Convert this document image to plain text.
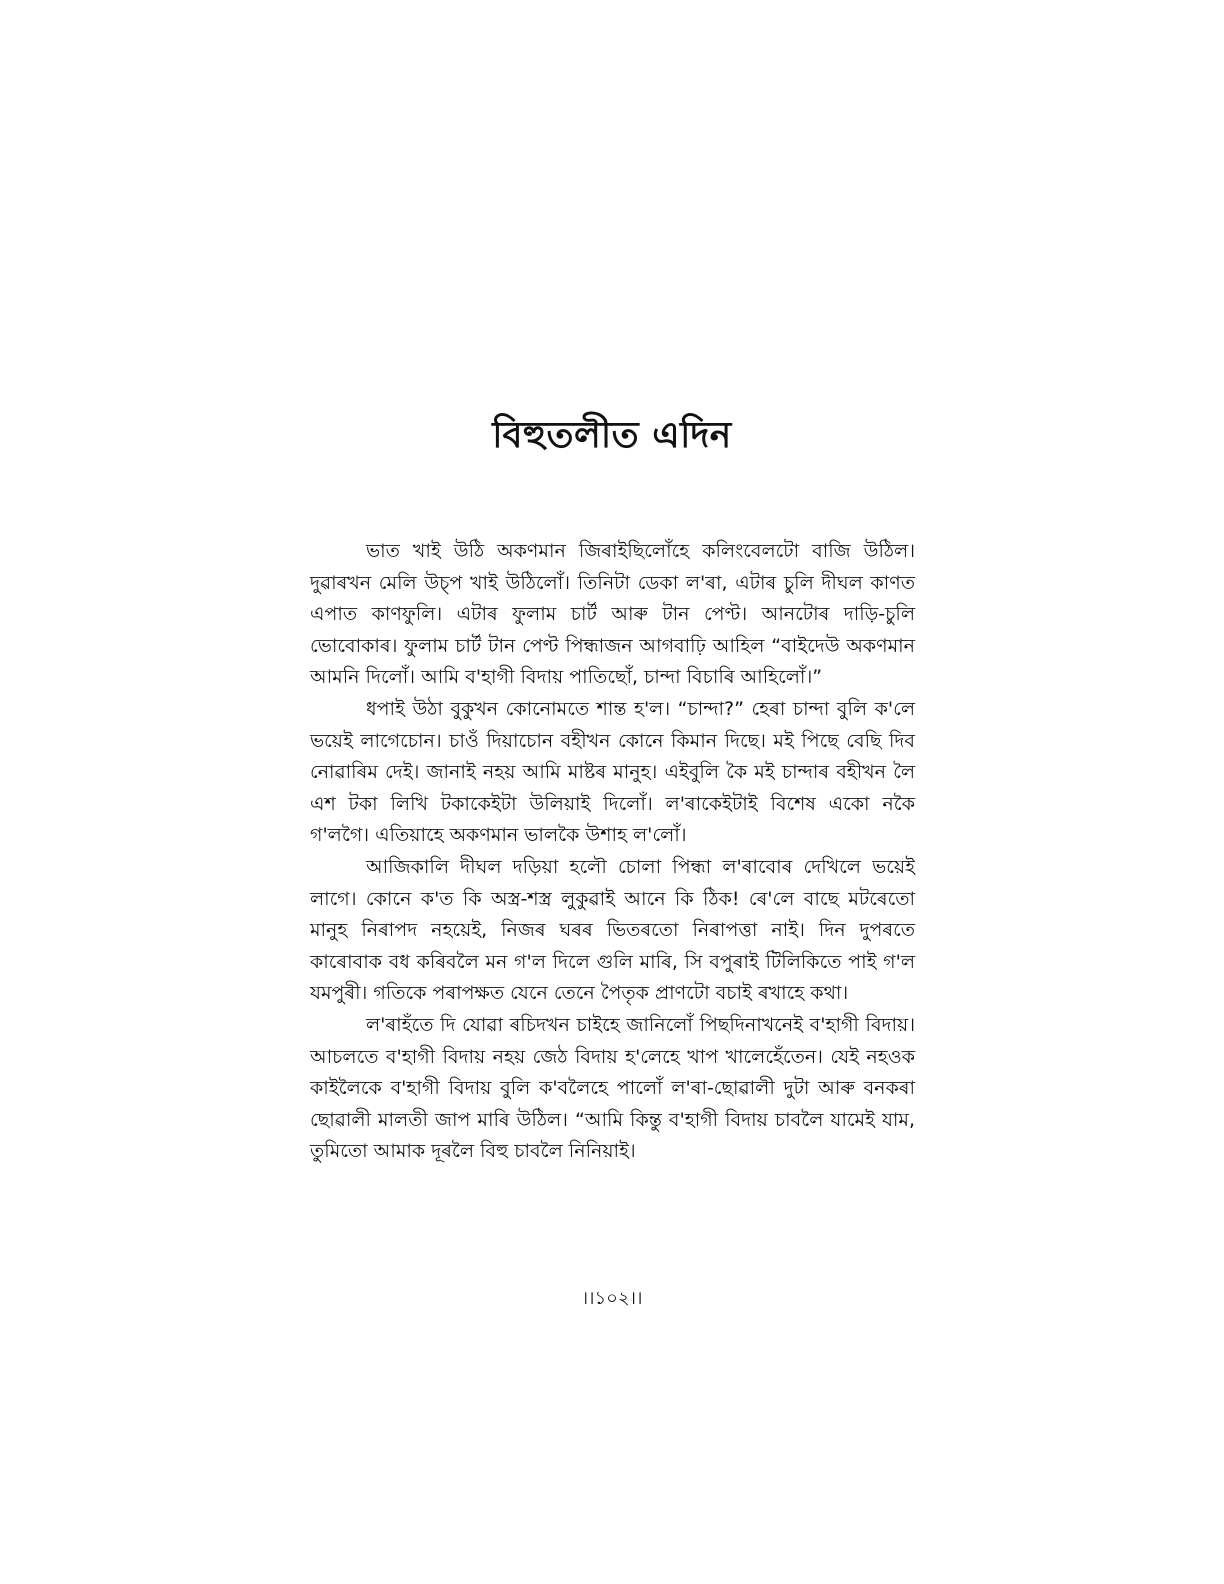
বিহুতলীত এদিন

ভাত খাই উঠি অকণমান জিৰাইছিলোঁহে কলিংবেলটো বাজি উঠিল। দুৱাৰখন মেলি উচ্প খাই উঠিলোঁ। তিনিটা ডেকা ল'ৰা, এটাৰ চুলি দীঘল কাণত এপাত কাণফুলি। এটাৰ ফুলাম চাৰ্ট আৰু টান পেণ্ট। আনটোৰ দাড়ি-চুলি ভোবোকাৰ। ফুলাম চাৰ্ট টান পেণ্ট পিন্ধাজন আগবাঢ়ি আহিল “বাইদেউ অকণমান আমনি দিলোঁ। আমি ব'হাগী বিদায় পাতিছোঁ, চান্দা বিচাৰি আহিলোঁ।”

ধপাই উঠা বুকুখন কোনোমতে শান্ত হ'ল। “চান্দা?” হেৰা চান্দা বুলি ক'লে ভয়েই লাগেচোন। চাওঁ দিয়াচোন বহীখন কোনে কিমান দিছে। মই পিছে বেছি দিব নোৱাৰিম দেই। জানাই নহয় আমি মাষ্টৰ মানুহ। এইবুলি কৈ মই চান্দাৰ বহীখন লৈ এশ টকা লিখি টকাকেইটা উলিয়াই দিলোঁ। ল'ৰাকেইটাই বিশেষ একো নকৈ গ'লগৈ। এতিয়াহে অকণমান ভালকৈ উশাহ ল'লোঁ।

আজিকালি দীঘল দড়িয়া হলৌ চোলা পিন্ধা ল'ৰাবোৰ দেখিলে ভয়েই লাগে। কোনে ক'ত কি অস্ত্ৰ-শস্ত্ৰ লুকুৱাই আনে কি ঠিক! ৰে'লে বাছে মটৰেতো মানুহ নিৰাপদ নহয়েই, নিজৰ ঘৰৰ ভিতৰতো নিৰাপত্তা নাই। দিন দুপৰতে কাৰোবাক বধ কৰিবলৈ মন গ'ল দিলে গুলি মাৰি, সি বপুৰাই টিলিকিতে পাই গ'ল যমপুৰী। গতিকে পৰাপক্ষত যেনে তেনে পৈতৃক প্ৰাণটো বচাই ৰখাহে কথা।

ল'ৰাহঁতে দি যোৱা ৰচিদখন চাইহে জানিলোঁ পিছদিনাখনেই ব'হাগী বিদায়। আচলতে ব'হাগী বিদায় নহয় জেঠ বিদায় হ'লেহে খাপ খালেহেঁতেন। যেই নহওক কাইলৈকে ব'হাগী বিদায় বুলি ক'বলৈহে পালোঁ ল'ৰা-ছোৱালী দুটা আৰু বনকৰা ছোৱালী মালতী জাপ মাৰি উঠিল। “আমি কিন্তু ব'হাগী বিদায় চাবলৈ যামেই যাম, তুমিতো আমাক দূৰলৈ বিহু চাবলৈ নিনিয়াই।

।।১০২।।
